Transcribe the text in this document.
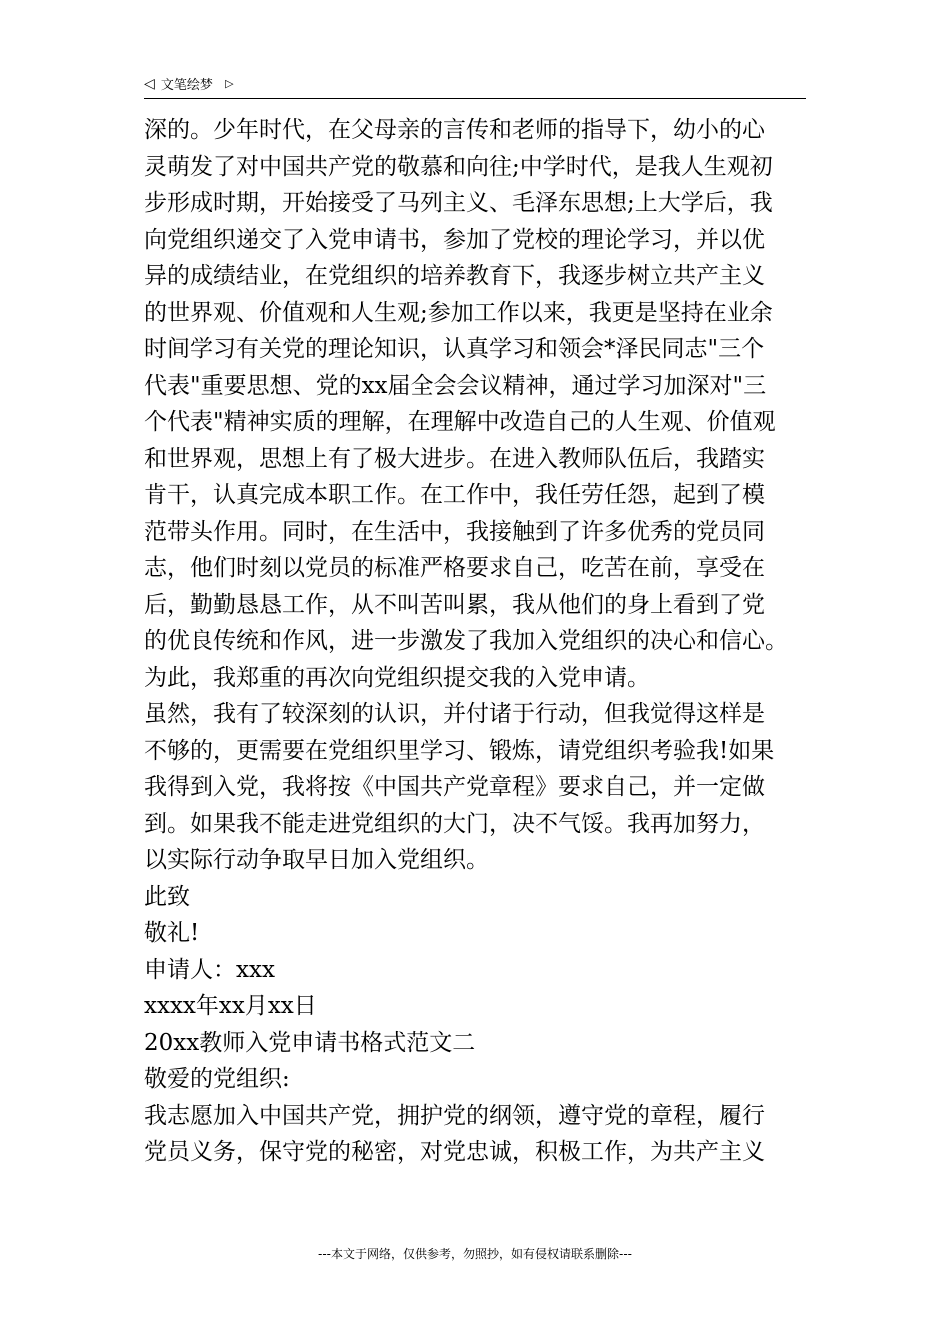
◁ 文笔绘梦 ▷
深的。少年时代，在父母亲的言传和老师的指导下，幼小的心
灵萌发了对中国共产党的敬慕和向往;中学时代，是我人生观初
步形成时期，开始接受了马列主义、毛泽东思想;上大学后，我
向党组织递交了入党申请书，参加了党校的理论学习，并以优
异的成绩结业，在党组织的培养教育下，我逐步树立共产主义
的世界观、价值观和人生观;参加工作以来，我更是坚持在业余
时间学习有关党的理论知识，认真学习和领会*泽民同志"三个
代表"重要思想、党的xx届全会会议精神，通过学习加深对"三
个代表"精神实质的理解，在理解中改造自己的人生观、价值观
和世界观，思想上有了极大进步。在进入教师队伍后，我踏实
肯干，认真完成本职工作。在工作中，我任劳任怨，起到了模
范带头作用。同时，在生活中，我接触到了许多优秀的党员同
志，他们时刻以党员的标准严格要求自己，吃苦在前，享受在
后，勤勤恳恳工作，从不叫苦叫累，我从他们的身上看到了党
的优良传统和作风，进一步激发了我加入党组织的决心和信心。
为此，我郑重的再次向党组织提交我的入党申请。
虽然，我有了较深刻的认识，并付诸于行动，但我觉得这样是
不够的，更需要在党组织里学习、锻炼，请党组织考验我!如果
我得到入党，我将按《中国共产党章程》要求自己，并一定做
到。如果我不能走进党组织的大门，决不气馁。我再加努力，
以实际行动争取早日加入党组织。
此致
敬礼!
申请人：xxx
xxxx年xx月xx日
20xx教师入党申请书格式范文二
敬爱的党组织:
我志愿加入中国共产党，拥护党的纲领，遵守党的章程，履行
党员义务，保守党的秘密，对党忠诚，积极工作，为共产主义
---本文于网络，仅供参考，勿照抄，如有侵权请联系删除---
